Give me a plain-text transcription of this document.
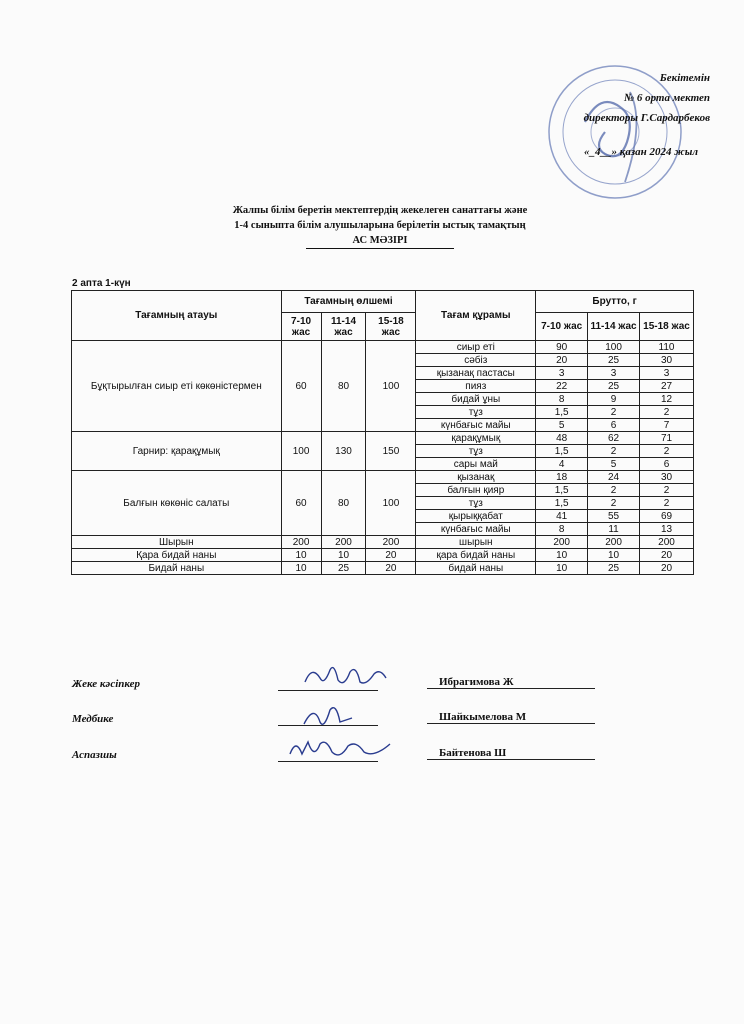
Бекітемін
№ 6 орта мектеп
директоры Г.Сардарбеков
«_4__» қазан 2024 жыл
Жалпы білім беретін мектептердің жекелеген санаттағы және
1-4 сыныпта білім алушыларына берілетін ыстық тамақтың
АС МӘЗІРІ
2 апта 1-күн
Тағамның атауы	Тағамның өлшемі			Тағам құрамы	Брутто, г		
	7-10 жас	11-14 жас	15-18 жас		7-10 жас	11-14 жас	15-18 жас
Бұқтырылған сиыр еті көкөністермен	60	80	100	сиыр еті	90	100	110
				сәбіз	20	25	30
				қызанақ пастасы	3	3	3
				пияз	22	25	27
				бидай ұны	8	9	12
				тұз	1,5	2	2
				күнбағыс майы	5	6	7
Гарнир: қарақұмық	100	130	150	қарақұмық	48	62	71
				тұз	1,5	2	2
				сары май	4	5	6
Балғын көкөніс салаты	60	80	100	қызанақ	18	24	30
				балғын қияр	1,5	2	2
				тұз	1,5	2	2
				қырыққабат	41	55	69
				күнбағыс майы	8	11	13
Шырын	200	200	200	шырын	200	200	200
Қара бидай наны	10	10	20	қара бидай наны	10	10	20
Бидай наны	10	25	20	бидай наны	10	25	20
Жеке кәсіпкер	Ибрагимова Ж
Медбике	Шайкымелова М
Аспазшы	Байтенова Ш
